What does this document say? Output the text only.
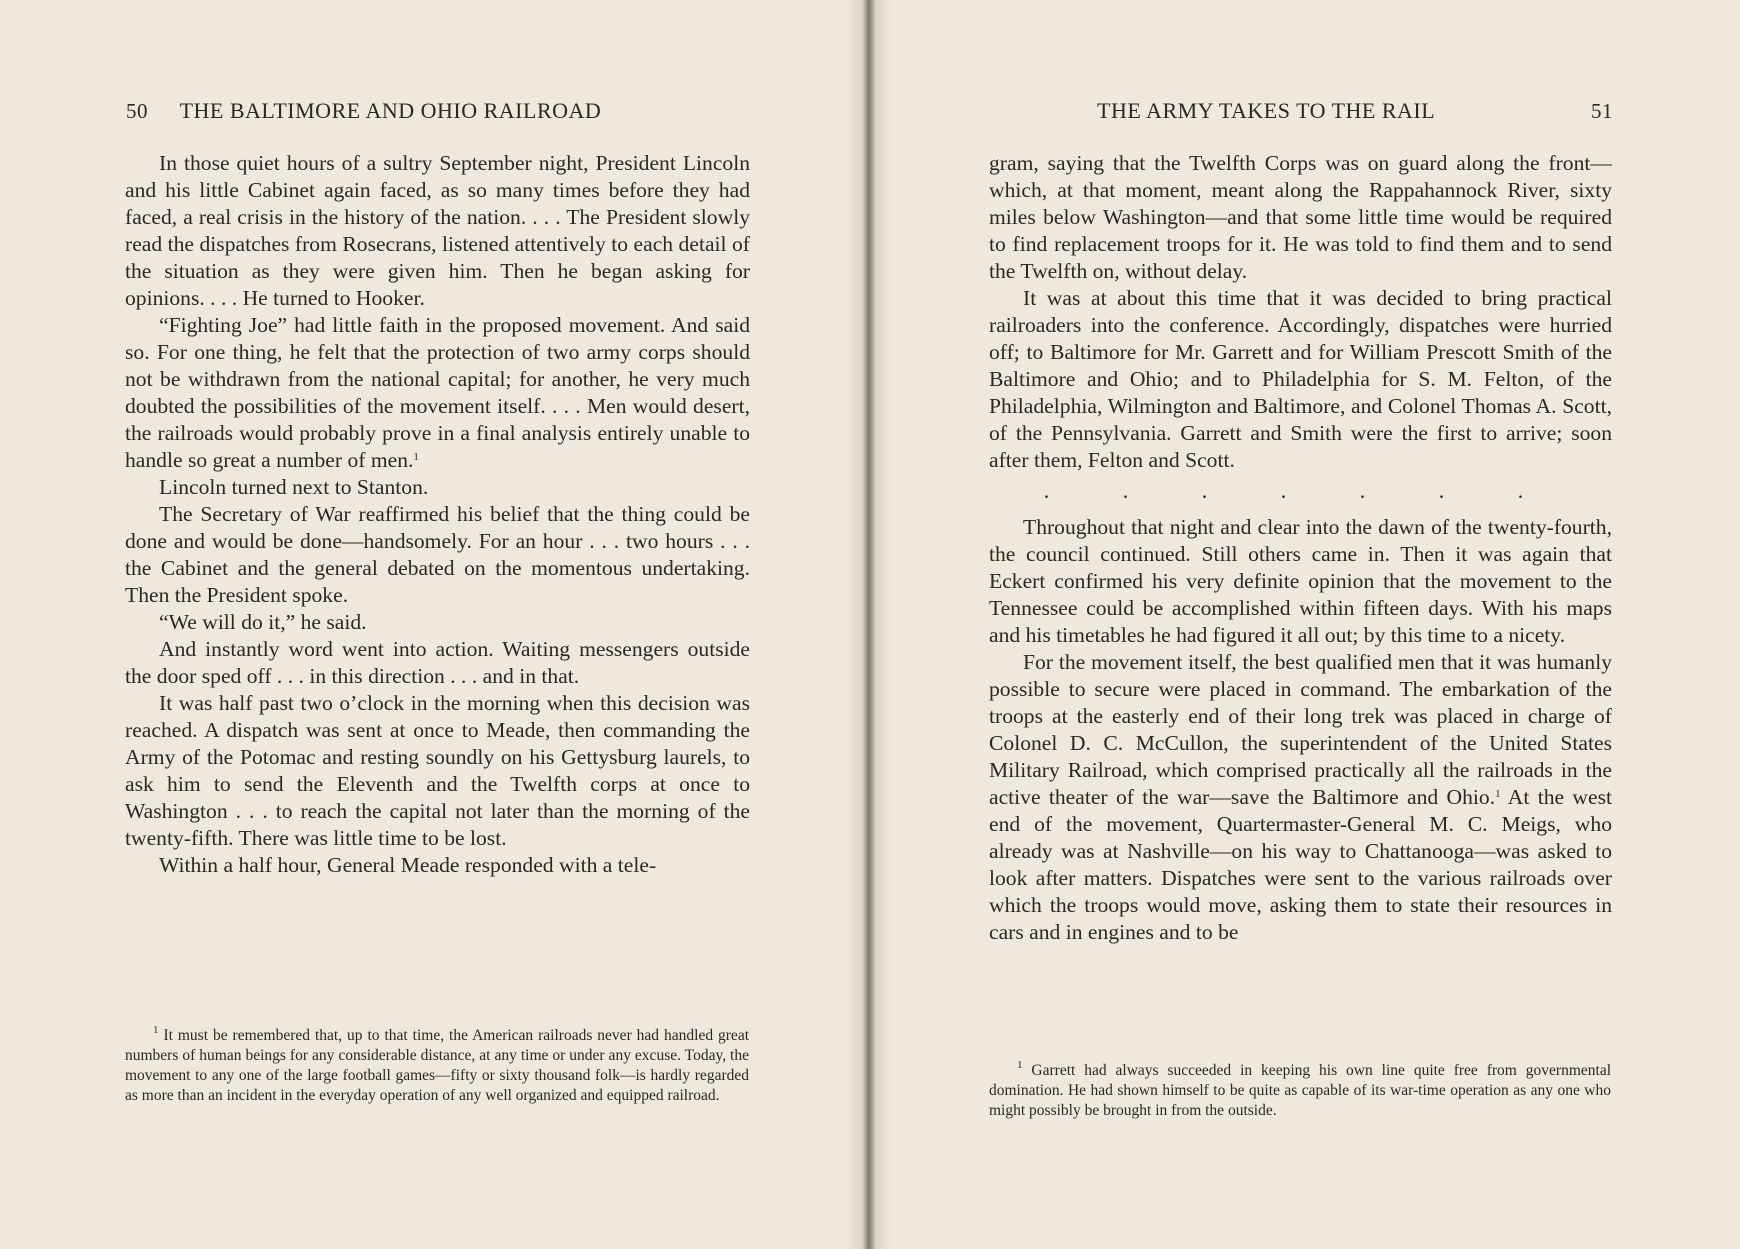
50 THE BALTIMORE AND OHIO RAILROAD

In those quiet hours of a sultry September night, President Lincoln and his little Cabinet again faced, as so many times before they had faced, a real crisis in the history of the nation. . . . The President slowly read the dispatches from Rosecrans, listened attentively to each detail of the situation as they were given him. Then he began asking for opinions. . . . He turned to Hooker.

“Fighting Joe” had little faith in the proposed movement. And said so. For one thing, he felt that the protection of two army corps should not be withdrawn from the national capital; for another, he very much doubted the possibilities of the movement itself. . . . Men would desert, the railroads would probably prove in a final analysis entirely unable to handle so great a number of men.$^1$

Lincoln turned next to Stanton.

The Secretary of War reaffirmed his belief that the thing could be done and would be done—handsomely. For an hour . . . two hours . . . the Cabinet and the general debated on the momentous undertaking. Then the President spoke.

“We will do it,” he said.

And instantly word went into action. Waiting messengers outside the door sped off . . . in this direction . . . and in that.

It was half past two o’clock in the morning when this decision was reached. A dispatch was sent at once to Meade, then commanding the Army of the Potomac and resting soundly on his Gettysburg laurels, to ask him to send the Eleventh and the Twelfth corps at once to Washington . . . to reach the capital not later than the morning of the twenty-fifth. There was little time to be lost.

Within a half hour, General Meade responded with a tele-

$^1$ It must be remembered that, up to that time, the American railroads never had handled great numbers of human beings for any considerable distance, at any time or under any excuse. Today, the movement to any one of the large football games—fifty or sixty thousand folk—is hardly regarded as more than an incident in the everyday operation of any well organized and equipped railroad.

THE ARMY TAKES TO THE RAIL	51

gram, saying that the Twelfth Corps was on guard along the front—which, at that moment, meant along the Rappahannock River, sixty miles below Washington—and that some little time would be required to find replacement troops for it. He was told to find them and to send the Twelfth on, without delay.

It was at about this time that it was decided to bring practical railroaders into the conference. Accordingly, dispatches were hurried off; to Baltimore for Mr. Garrett and for William Prescott Smith of the Baltimore and Ohio; and to Philadelphia for S. M. Felton, of the Philadelphia, Wilmington and Baltimore, and Colonel Thomas A. Scott, of the Pennsylvania. Garrett and Smith were the first to arrive; soon after them, Felton and Scott.

. . . . . . .

Throughout that night and clear into the dawn of the twenty-fourth, the council continued. Still others came in. Then it was again that Eckert confirmed his very definite opinion that the movement to the Tennessee could be accomplished within fifteen days. With his maps and his timetables he had figured it all out; by this time to a nicety.

For the movement itself, the best qualified men that it was humanly possible to secure were placed in command. The embarkation of the troops at the easterly end of their long trek was placed in charge of Colonel D. C. McCullon, the superintendent of the United States Military Railroad, which comprised practically all the railroads in the active theater of the war—save the Baltimore and Ohio.$^1$ At the west end of the movement, Quartermaster-General M. C. Meigs, who already was at Nashville—on his way to Chattanooga—was asked to look after matters. Dispatches were sent to the various railroads over which the troops would move, asking them to state their resources in cars and in engines and to be

$^1$ Garrett had always succeeded in keeping his own line quite free from governmental domination. He had shown himself to be quite as capable of its war-time operation as any one who might possibly be brought in from the outside.
